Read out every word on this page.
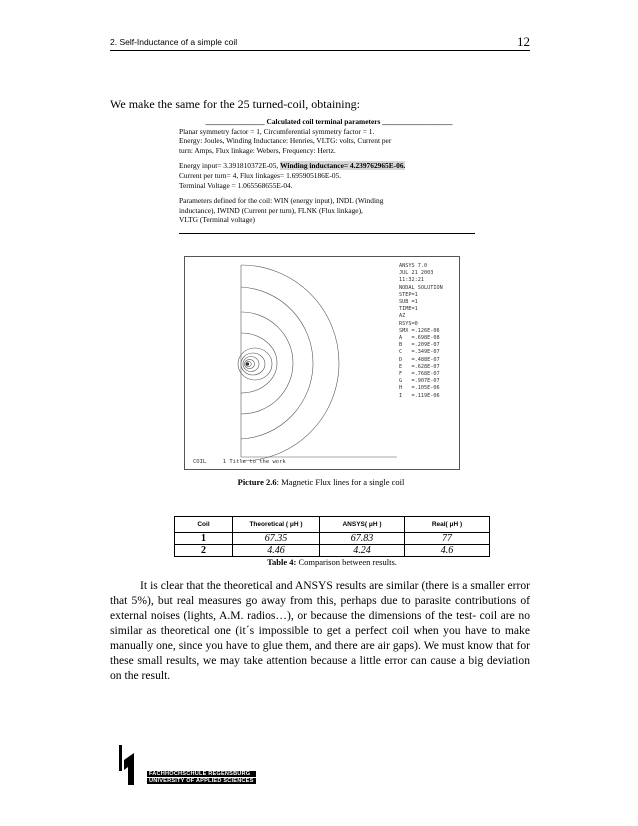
2. Self-Inductance of a simple coil	12
We make the same for the 25 turned-coil, obtaining:

________________ Calculated coil terminal parameters ___________________

Planar symmetry factor = 1, Circumferential symmetry factor = 1.

Energy: Joules, Winding Inductance: Henries, VLTG: volts, Current per

turn: Amps, Flux linkage: Webers, Frequency: Hertz.

Energy input= 3.391810372E-05, Winding inductance= 4.239762965E-06.

Current per turn= 4, Flux linkages= 1.695905186E-05.

Terminal Voltage = 1.065568655E-04.

Parameters defined for the coil: WIN (energy input), INDL (Winding

inductance), IWIND (Current per turn), FLNK (Flux linkage),

VLTG (Terminal voltage)

ANSYS 7.0
JUL 21 2003
11:32:21
NODAL SOLUTION
STEP=1
SUB =1
TIME=1
AZ
RSYS=0
SMX =.126E-06
A   =.698E-08
B   =.209E-07
C   =.349E-07
D   =.488E-07
E   =.628E-07
F   =.768E-07
G   =.907E-07
H   =.105E-06
I   =.119E-06
COIL     1 Title to the work
Picture 2.6: Magnetic Flux lines for a single coil
Coil	Theoretical ( μH )	ANSYS( μH )	Real( μH )
1	67.35	67.83	77
2	4.46	4.24	4.6
Table 4: Comparison between results.

It is clear that the theoretical and ANSYS results are similar (there is a smaller error that 5%), but real measures go away from this, perhaps due to parasite contributions of external noises (lights, A.M. radios…), or because the dimensions of the test- coil are no similar as theoretical one (it´s impossible to get a perfect coil when you have to make manually one, since you have to glue them, and there are air gaps). We must know that for these small results, we may take attention because a little error can cause a big deviation on the result.

FACHHOCHSCHULE REGENSBURG
UNIVERSITY OF APPLIED SCIENCES
